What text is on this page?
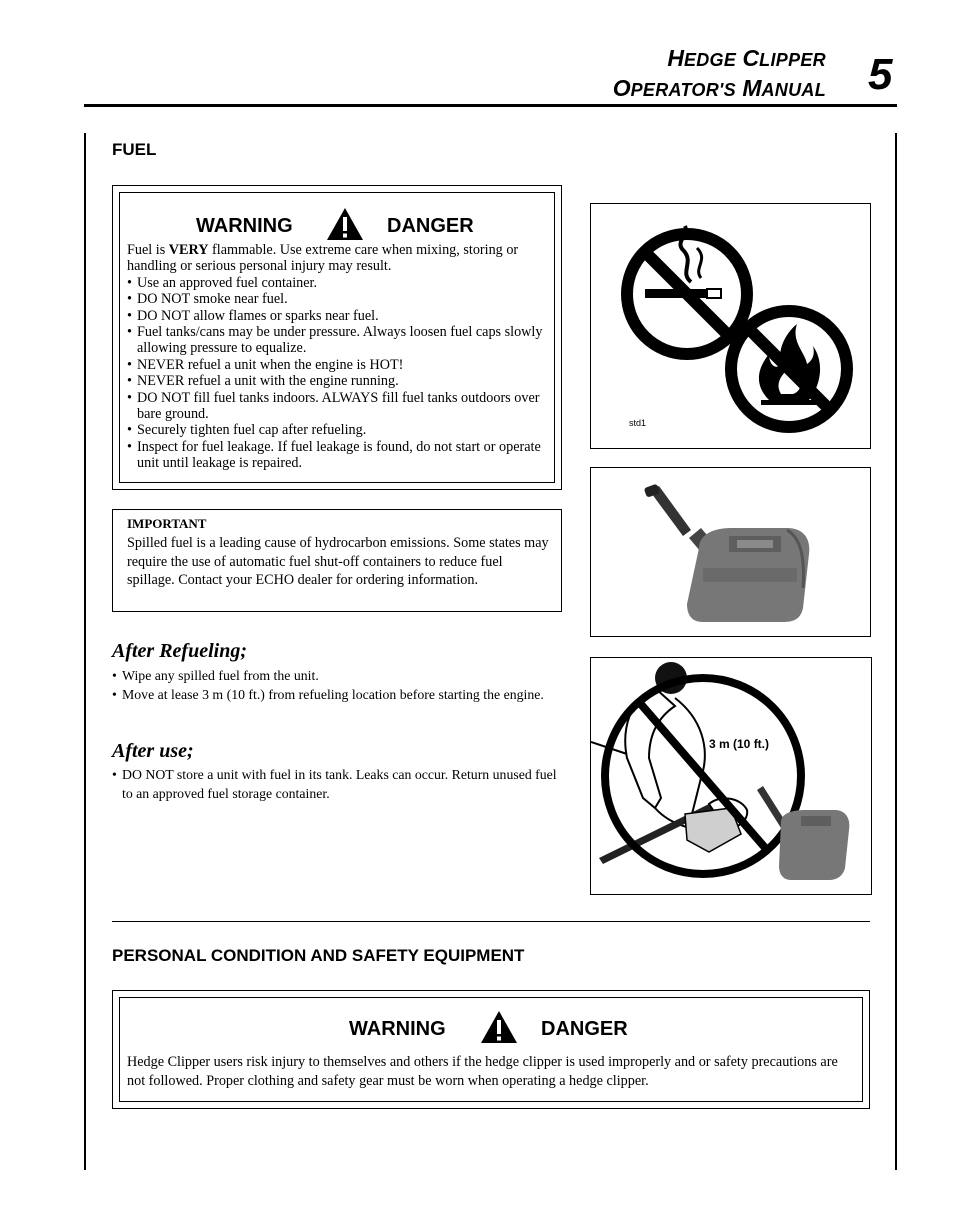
HEDGE CLIPPER
OPERATOR'S MANUAL 5
FUEL
WARNING	DANGER
Fuel is VERY flammable. Use extreme care when mixing, storing or handling or serious personal injury may result.
• Use an approved fuel container.
• DO NOT smoke near fuel.
• DO NOT allow flames or sparks near fuel.
• Fuel tanks/cans may be under pressure. Always loosen fuel caps slowly allowing pressure to equalize.
• NEVER refuel a unit when the engine is HOT!
• NEVER refuel a unit with the engine running.
• DO NOT fill fuel tanks indoors. ALWAYS fill fuel tanks outdoors over bare ground.
• Securely tighten fuel cap after refueling.
• Inspect for fuel leakage. If fuel leakage is found, do not start or operate unit until leakage is repaired.
IMPORTANT
Spilled fuel is a leading cause of hydrocarbon emissions. Some states may require the use of automatic fuel shut-off containers to reduce fuel spillage. Contact your ECHO dealer for ordering information.
After Refueling;
• Wipe any spilled fuel from the unit.
• Move at lease 3 m (10 ft.) from refueling location before starting the engine.
After use;
• DO NOT store a unit with fuel in its tank. Leaks can occur. Return unused fuel to an approved fuel storage container.
std1
3 m (10 ft.)
PERSONAL CONDITION AND SAFETY EQUIPMENT
WARNING	DANGER
Hedge Clipper users risk injury to themselves and others if the hedge clipper is used improperly and or safety precautions are not followed. Proper clothing and safety gear must be worn when operating a hedge clipper.
